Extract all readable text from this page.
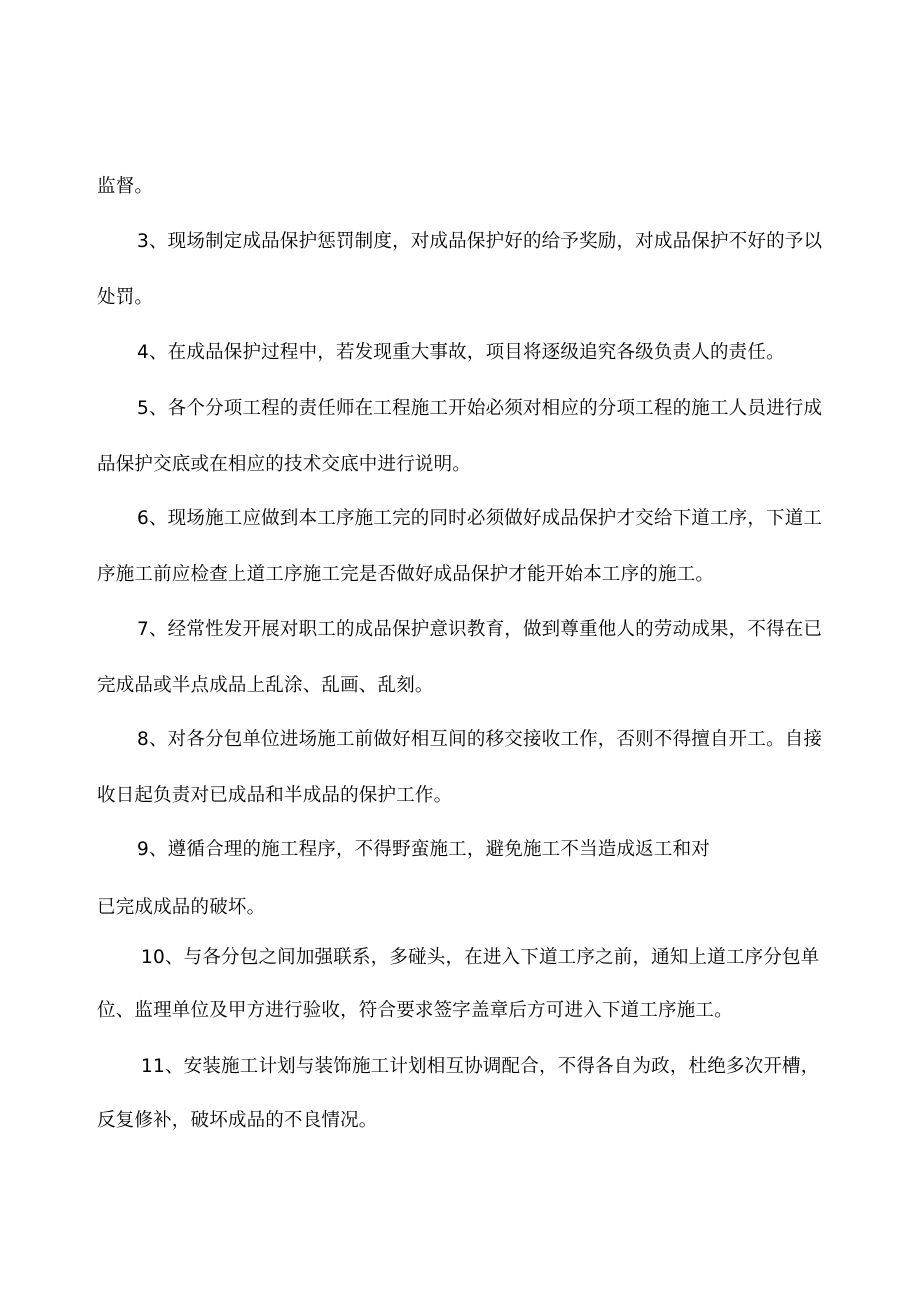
监督。
3、现场制定成品保护惩罚制度，对成品保护好的给予奖励，对成品保护不好的予以
处罚。
4、在成品保护过程中，若发现重大事故，项目将逐级追究各级负责人的责任。
5、各个分项工程的责任师在工程施工开始必须对相应的分项工程的施工人员进行成
品保护交底或在相应的技术交底中进行说明。
6、现场施工应做到本工序施工完的同时必须做好成品保护才交给下道工序，下道工
序施工前应检查上道工序施工完是否做好成品保护才能开始本工序的施工。
7、经常性发开展对职工的成品保护意识教育，做到尊重他人的劳动成果，不得在已
完成品或半点成品上乱涂、乱画、乱刻。
8、对各分包单位进场施工前做好相互间的移交接收工作，否则不得擅自开工。自接
收日起负责对已成品和半成品的保护工作。
9、遵循合理的施工程序，不得野蛮施工，避免施工不当造成返工和对
已完成成品的破坏。
10、与各分包之间加强联系，多碰头，在进入下道工序之前，通知上道工序分包单
位、监理单位及甲方进行验收，符合要求签字盖章后方可进入下道工序施工。
11、安装施工计划与装饰施工计划相互协调配合，不得各自为政，杜绝多次开槽，
反复修补，破坏成品的不良情况。
